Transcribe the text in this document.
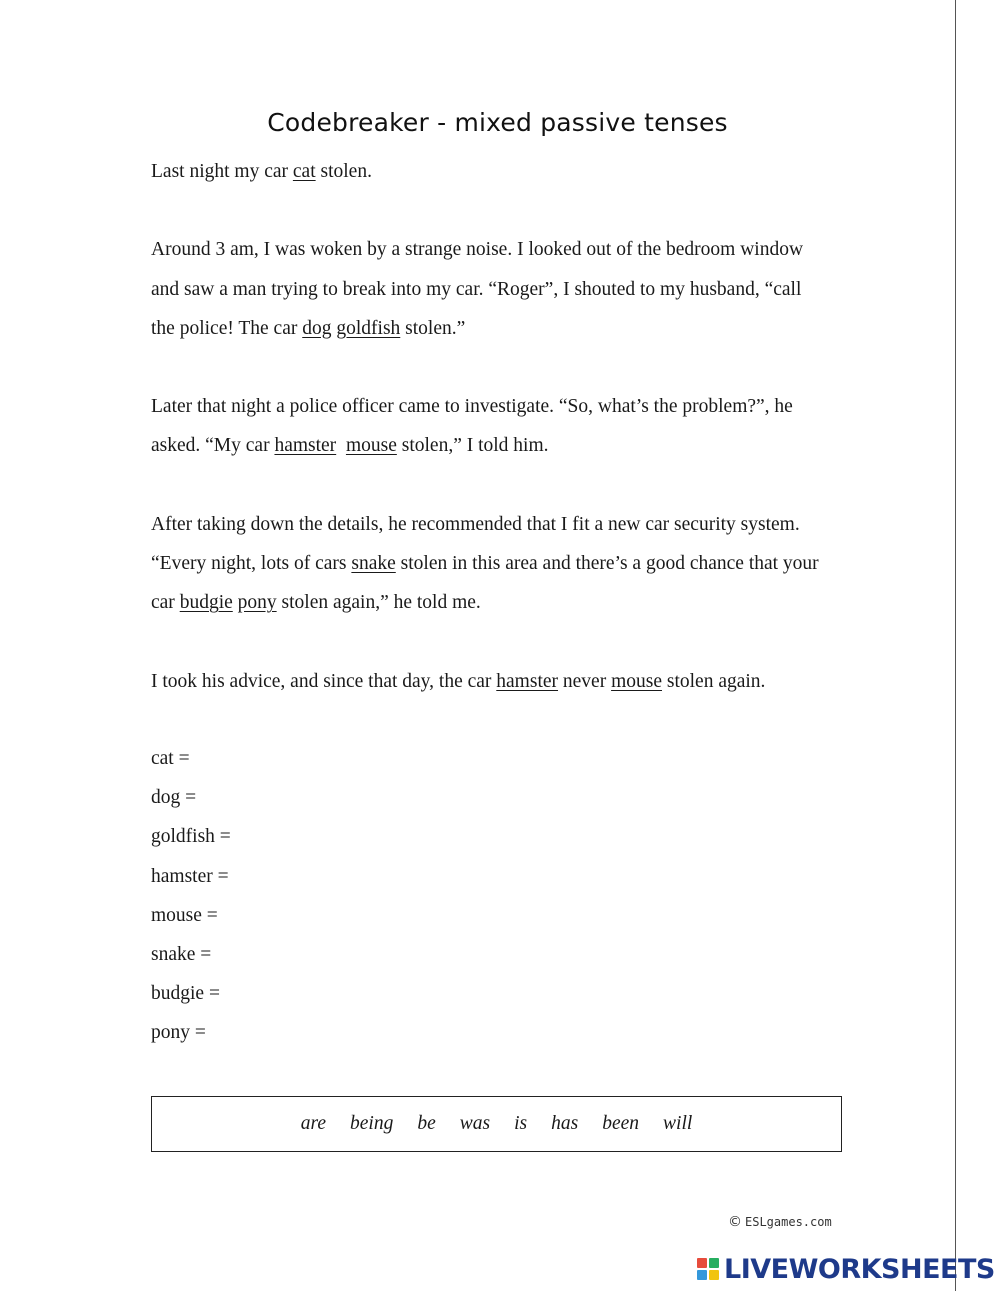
Codebreaker - mixed passive tenses

Last night my car cat stolen.

Around 3 am, I was woken by a strange noise. I looked out of the bedroom window

and saw a man trying to break into my car. “Roger”, I shouted to my husband, “call

the police! The car dog goldfish stolen.”

Later that night a police officer came to investigate. “So, what’s the problem?”, he

asked. “My car hamster mouse stolen,” I told him.

After taking down the details, he recommended that I fit a new car security system.

“Every night, lots of cars snake stolen in this area and there’s a good chance that your

car budgie pony stolen again,” he told me.

I took his advice, and since that day, the car hamster never mouse stolen again.

cat =
dog =
goldfish =
hamster =
mouse =
snake =
budgie =
pony =
are being be was is has been will
© ESLgames.com
LIVEWORKSHEETS
